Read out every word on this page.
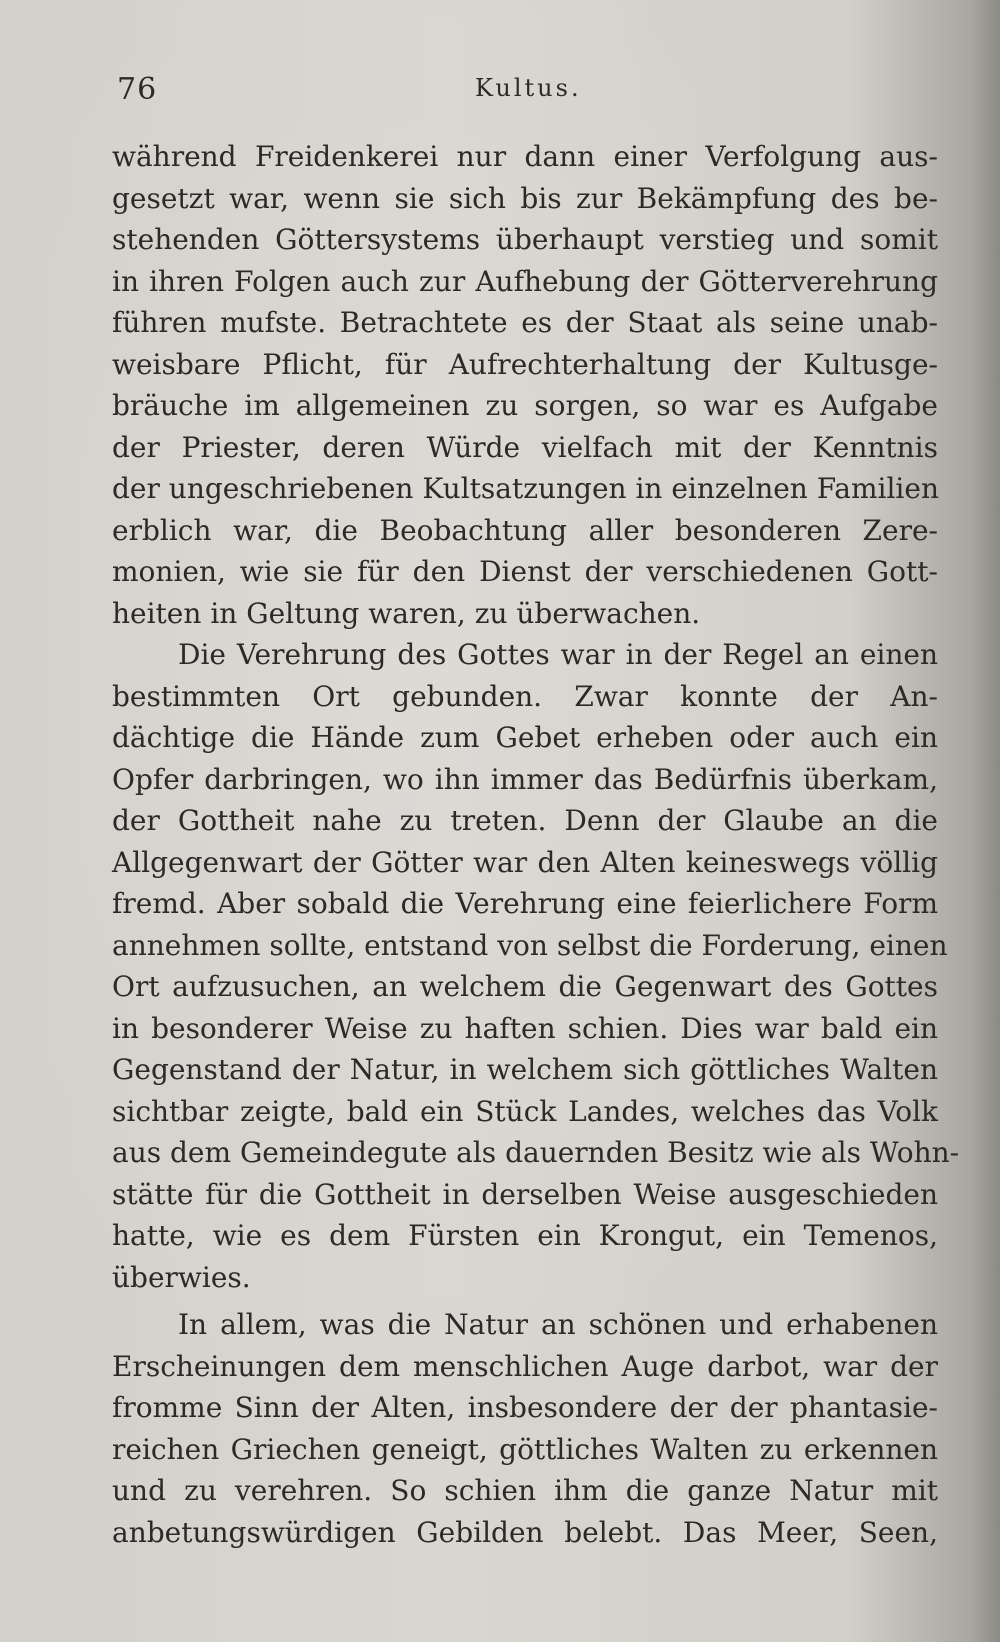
76	Kultus.
während Freidenkerei nur dann einer Verfolgung aus-
gesetzt war, wenn sie sich bis zur Bekämpfung des be-
stehenden Göttersystems überhaupt verstieg und somit
in ihren Folgen auch zur Aufhebung der Götterverehrung
führen mufste. Betrachtete es der Staat als seine unab-
weisbare Pflicht, für Aufrechterhaltung der Kultusge-
bräuche im allgemeinen zu sorgen, so war es Aufgabe
der Priester, deren Würde vielfach mit der Kenntnis
der ungeschriebenen Kultsatzungen in einzelnen Familien
erblich war, die Beobachtung aller besonderen Zere-
monien, wie sie für den Dienst der verschiedenen Gott-
heiten in Geltung waren, zu überwachen.
Die Verehrung des Gottes war in der Regel an einen
bestimmten Ort gebunden. Zwar konnte der An-
dächtige die Hände zum Gebet erheben oder auch ein
Opfer darbringen, wo ihn immer das Bedürfnis überkam,
der Gottheit nahe zu treten. Denn der Glaube an die
Allgegenwart der Götter war den Alten keineswegs völlig
fremd. Aber sobald die Verehrung eine feierlichere Form
annehmen sollte, entstand von selbst die Forderung, einen
Ort aufzusuchen, an welchem die Gegenwart des Gottes
in besonderer Weise zu haften schien. Dies war bald ein
Gegenstand der Natur, in welchem sich göttliches Walten
sichtbar zeigte, bald ein Stück Landes, welches das Volk
aus dem Gemeindegute als dauernden Besitz wie als Wohn-
stätte für die Gottheit in derselben Weise ausgeschieden
hatte, wie es dem Fürsten ein Krongut, ein Temenos,
überwies.
In allem, was die Natur an schönen und erhabenen
Erscheinungen dem menschlichen Auge darbot, war der
fromme Sinn der Alten, insbesondere der der phantasie-
reichen Griechen geneigt, göttliches Walten zu erkennen
und zu verehren. So schien ihm die ganze Natur mit
anbetungswürdigen Gebilden belebt. Das Meer, Seen,
